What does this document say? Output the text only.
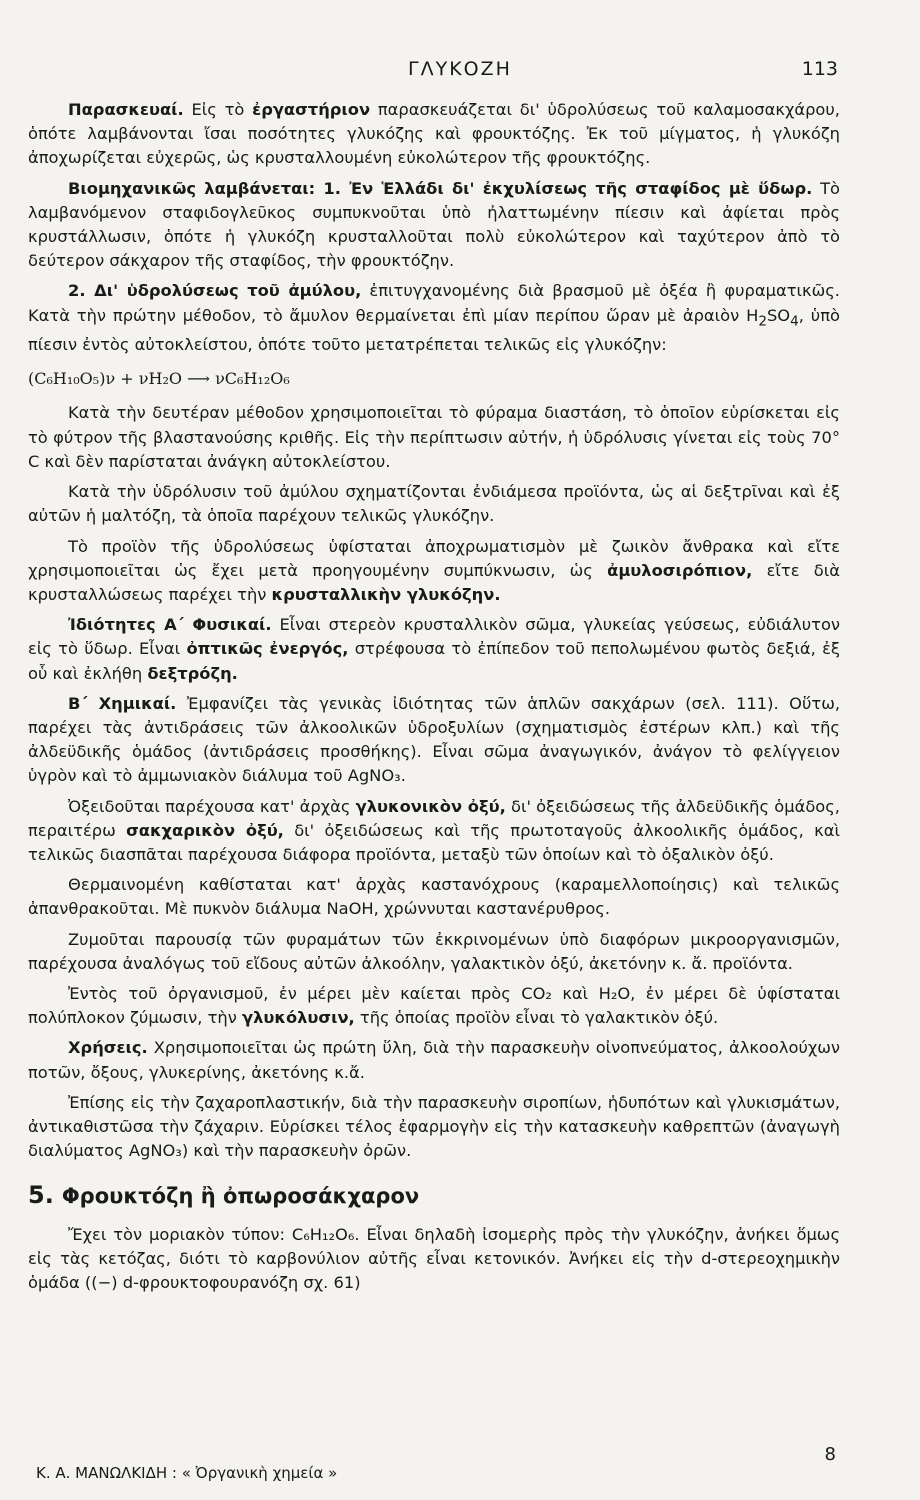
ΓΛΥΚΟΖΗ	113

Παρασκευαί. Εἰς τὸ ἐργαστήριον παρασκευάζεται δι' ὑδρολύσεως τοῦ καλαμοσακχάρου, ὁπότε λαμβάνονται ἴσαι ποσότητες γλυκόζης καὶ φρουκτόζης. Ἐκ τοῦ μίγματος, ἡ γλυκόζη ἀποχωρίζεται εὐχερῶς, ὡς κρυσταλλουμένη εὐκολώτερον τῆς φρουκτόζης.

Βιομηχανικῶς λαμβάνεται: 1. Ἐν Ἑλλάδι δι' ἐκχυλίσεως τῆς σταφίδος μὲ ὕδωρ. Τὸ λαμβανόμενον σταφιδογλεῦκος συμπυκνοῦται ὑπὸ ἠλαττωμένην πίεσιν καὶ ἀφίεται πρὸς κρυστάλλωσιν, ὁπότε ἡ γλυκόζη κρυσταλλοῦται πολὺ εὐκολώτερον καὶ ταχύτερον ἀπὸ τὸ δεύτερον σάκχαρον τῆς σταφίδος, τὴν φρουκτόζην.

2. Δι' ὑδρολύσεως τοῦ ἀμύλου, ἐπιτυγχανομένης διὰ βρασμοῦ μὲ ὀξέα ἢ φυραματικῶς. Κατὰ τὴν πρώτην μέθοδον, τὸ ἄμυλον θερμαίνεται ἐπὶ μίαν περίπου ὥραν μὲ ἀραιὸν $H_2SO_4$, ὑπὸ πίεσιν ἐντὸς αὐτοκλείστου, ὁπότε τοῦτο μετατρέπεται τελικῶς εἰς γλυκόζην:

(C₆H₁₀O₅)ν + νH₂O ⟶ νC₆H₁₂O₆

Κατὰ τὴν δευτέραν μέθοδον χρησιμοποιεῖται τὸ φύραμα διαστάση, τὸ ὁποῖον εὑρίσκεται εἰς τὸ φύτρον τῆς βλαστανούσης κριθῆς. Εἰς τὴν περίπτωσιν αὐτήν, ἡ ὑδρόλυσις γίνεται εἰς τοὺς 70° C καὶ δὲν παρίσταται ἀνάγκη αὐτοκλείστου.

Κατὰ τὴν ὑδρόλυσιν τοῦ ἀμύλου σχηματίζονται ἐνδιάμεσα προϊόντα, ὡς αἱ δεξτρῖναι καὶ ἐξ αὐτῶν ἡ μαλτόζη, τὰ ὁποῖα παρέχουν τελικῶς γλυκόζην.

Τὸ προϊὸν τῆς ὑδρολύσεως ὑφίσταται ἀποχρωματισμὸν μὲ ζωικὸν ἄνθρακα καὶ εἴτε χρησιμοποιεῖται ὡς ἔχει μετὰ προηγουμένην συμπύκνωσιν, ὡς ἀμυλοσιρόπιον, εἴτε διὰ κρυσταλλώσεως παρέχει τὴν κρυσταλλικὴν γλυκόζην.

Ἰδιότητες Α΄ Φυσικαί. Εἶναι στερεὸν κρυσταλλικὸν σῶμα, γλυκείας γεύσεως, εὐδιάλυτον εἰς τὸ ὕδωρ. Εἶναι ὀπτικῶς ἐνεργός, στρέφουσα τὸ ἐπίπεδον τοῦ πεπολωμένου φωτὸς δεξιά, ἐξ οὗ καὶ ἐκλήθη δεξτρόζη.

Β΄ Χημικαί. Ἐμφανίζει τὰς γενικὰς ἰδιότητας τῶν ἁπλῶν σακχάρων (σελ. 111). Οὕτω, παρέχει τὰς ἀντιδράσεις τῶν ἀλκοολικῶν ὑδροξυλίων (σχηματισμὸς ἐστέρων κλπ.) καὶ τῆς ἀλδεϋδικῆς ὁμάδος (ἀντιδράσεις προσθήκης). Εἶναι σῶμα ἀναγωγικόν, ἀνάγον τὸ φελίγγειον ὑγρὸν καὶ τὸ ἀμμωνιακὸν διάλυμα τοῦ AgNO₃.

Ὀξειδοῦται παρέχουσα κατ' ἀρχὰς γλυκονικὸν ὀξύ, δι' ὀξειδώσεως τῆς ἀλδεϋδικῆς ὁμάδος, περαιτέρω σακχαρικὸν ὀξύ, δι' ὀξειδώσεως καὶ τῆς πρωτοταγοῦς ἀλκοολικῆς ὁμάδος, καὶ τελικῶς διασπᾶται παρέχουσα διάφορα προϊόντα, μεταξὺ τῶν ὁποίων καὶ τὸ ὀξαλικὸν ὀξύ.

Θερμαινομένη καθίσταται κατ' ἀρχὰς καστανόχρους (καραμελλοποίησις) καὶ τελικῶς ἀπανθρακοῦται. Μὲ πυκνὸν διάλυμα NaOH, χρώννυται καστανέρυθρος.

Ζυμοῦται παρουσίᾳ τῶν φυραμάτων τῶν ἐκκρινομένων ὑπὸ διαφόρων μικροοργανισμῶν, παρέχουσα ἀναλόγως τοῦ εἴδους αὐτῶν ἀλκοόλην, γαλακτικὸν ὀξύ, ἀκετόνην κ. ἄ. προϊόντα.

Ἐντὸς τοῦ ὀργανισμοῦ, ἐν μέρει μὲν καίεται πρὸς CO₂ καὶ H₂O, ἐν μέρει δὲ ὑφίσταται πολύπλοκον ζύμωσιν, τὴν γλυκόλυσιν, τῆς ὁποίας προϊὸν εἶναι τὸ γαλακτικὸν ὀξύ.

Χρήσεις. Χρησιμοποιεῖται ὡς πρώτη ὕλη, διὰ τὴν παρασκευὴν οἰνοπνεύματος, ἀλκοολούχων ποτῶν, ὄξους, γλυκερίνης, ἀκετόνης κ.ἄ.

Ἐπίσης εἰς τὴν ζαχαροπλαστικήν, διὰ τὴν παρασκευὴν σιροπίων, ἡδυπότων καὶ γλυκισμάτων, ἀντικαθιστῶσα τὴν ζάχαριν. Εὑρίσκει τέλος ἐφαρμογὴν εἰς τὴν κατασκευὴν καθρεπτῶν (ἀναγωγὴ διαλύματος AgNO₃) καὶ τὴν παρασκευὴν ὀρῶν.

5. Φρουκτόζη ἢ ὀπωροσάκχαρον

Ἔχει τὸν μοριακὸν τύπον: C₆H₁₂O₆. Εἶναι δηλαδὴ ἰσομερὴς πρὸς τὴν γλυκόζην, ἀνήκει ὅμως εἰς τὰς κετόζας, διότι τὸ καρβονύλιον αὐτῆς εἶναι κετονικόν. Ἀνήκει εἰς τὴν d-στερεοχημικὴν ὁμάδα ((−) d-φρουκτοφουρανόζη σχ. 61)

Κ. Α. ΜΑΝΩΛΚΙΔΗ : « Ὀργανικὴ χημεία »
8
